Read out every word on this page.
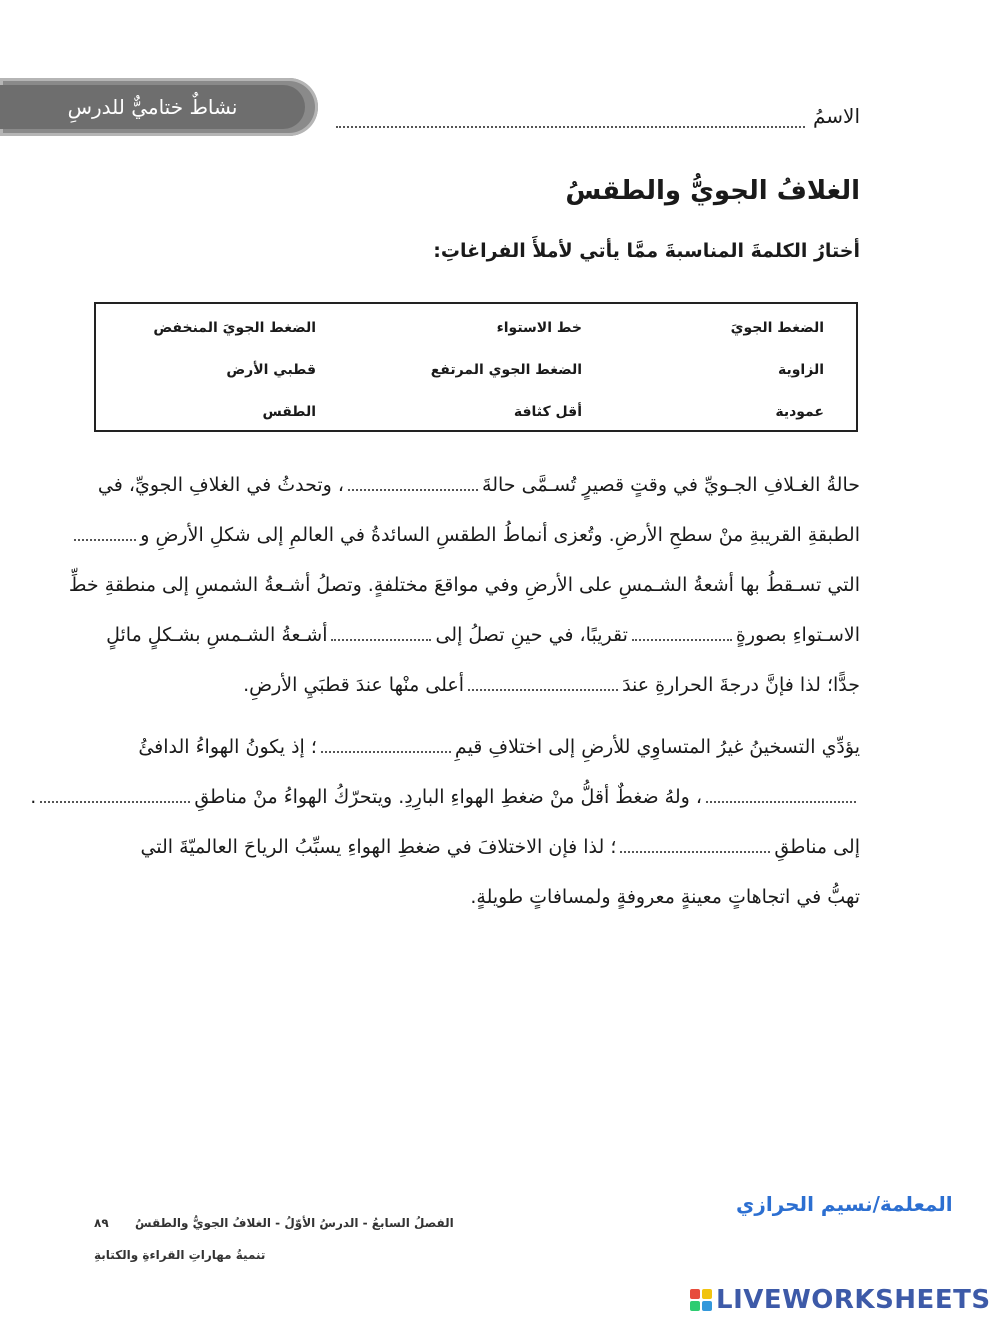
نشاطٌ ختاميٌّ للدرسِ	الاسمُ
الغلافُ الجويُّ والطقسُ
أختارُ الكلمةَ المناسبةَ ممَّا يأتي لأملأَ الفراغاتِ:
الضغط الجويَ
خط الاستواء
الضغط الجويَ المنخفض
الزاوية
الضغط الجوي المرتفع
قطبي الأرض
عمودية
أقل كثافة
الطقس
حالةُ الغـلافِ الجـويِّ في وقتٍ قصيرٍ تُسـمَّى حالةَ، وتحدثُ في الغلافِ الجويِّ، في
الطبقةِ القريبةِ منْ سطحِ الأرضِ. وتُعزى أنماطُ الطقسِ السائدةُ في العالمِ إلى شكلِ الأرضِ و
التي تسـقطُ بها أشعةُ الشـمسِ على الأرضِ وفي مواقعَ مختلفةٍ. وتصلُ أشـعةُ الشمسِ إلى منطقةِ خطِّ
الاسـتواءِ بصورةٍتقريبًا، في حينِ تصلُ إلىأشـعةُ الشـمسِ بشـكلٍ مائلٍ
جدًّا؛ لذا فإنَّ درجةَ الحرارةِ عندَأعلى منْها عندَ قطبَيِ الأرضِ.
يؤدِّي التسخينُ غيرُ المتساوِي للأرضِ إلى اختلافِ قيمِ؛ إذ يكونُ الهواءُ الدافئُ
، ولهُ ضغطٌ أقلُّ منْ ضغطِ الهواءِ البارِدِ. ويتحرّكُ الهواءُ منْ مناطقِ.
إلى مناطقِ؛ لذا فإن الاختلافَ في ضغطِ الهواءِ يسبِّبُ الرياحَ العالميّةَ التي
تهبُّ في اتجاهاتٍ معينةٍ معروفةٍ ولمسافاتٍ طويلةٍ.
المعلمة/نسيم الحرازي
الفصلُ السابعُ - الدرسُ الأوّلُ - الغلافُ الجويُّ والطقسُ  ٨٩
تنميةُ مهاراتِ القراءةِ والكتابةِ
LIVEWORKSHEETS
